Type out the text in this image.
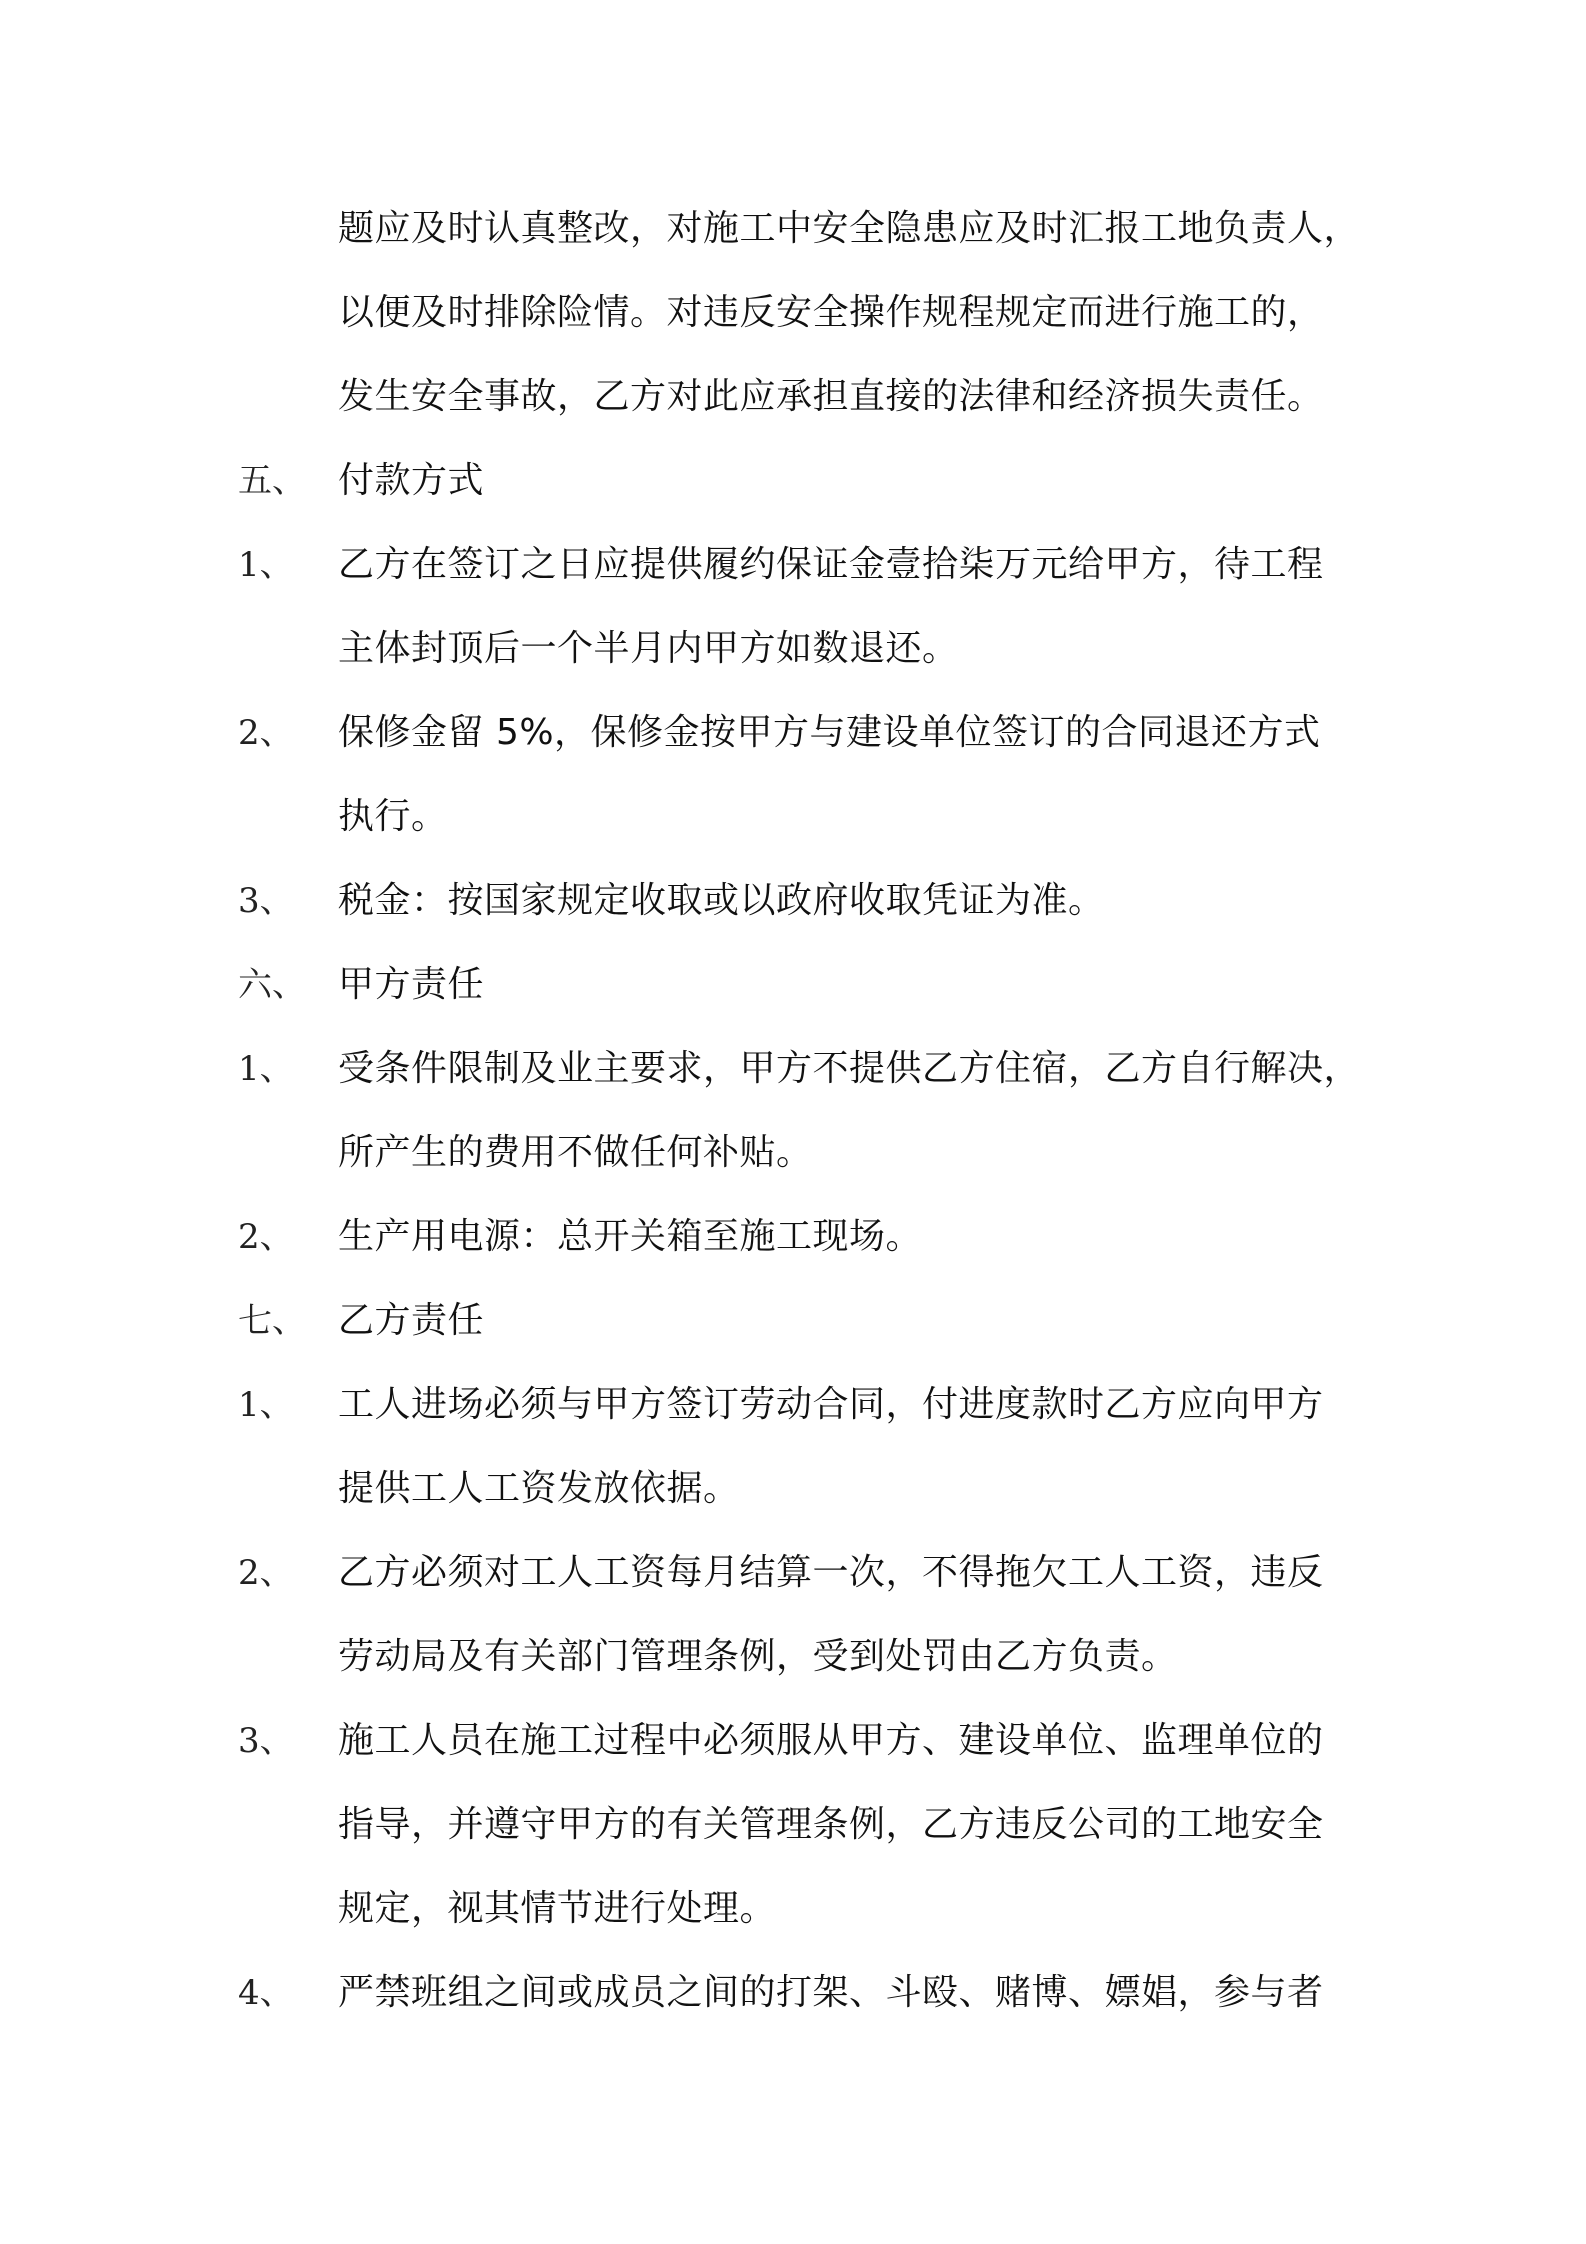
题应及时认真整改，对施工中安全隐患应及时汇报工地负责人，
以便及时排除险情。对违反安全操作规程规定而进行施工的，
发生安全事故，乙方对此应承担直接的法律和经济损失责任。
五、 付款方式
1、 乙方在签订之日应提供履约保证金壹拾柒万元给甲方，待工程
主体封顶后一个半月内甲方如数退还。
2、 保修金留 5%，保修金按甲方与建设单位签订的合同退还方式
执行。
3、 税金：按国家规定收取或以政府收取凭证为准。
六、 甲方责任
1、 受条件限制及业主要求，甲方不提供乙方住宿，乙方自行解决，
所产生的费用不做任何补贴。
2、 生产用电源：总开关箱至施工现场。
七、 乙方责任
1、 工人进场必须与甲方签订劳动合同，付进度款时乙方应向甲方
提供工人工资发放依据。
2、 乙方必须对工人工资每月结算一次，不得拖欠工人工资，违反
劳动局及有关部门管理条例，受到处罚由乙方负责。
3、 施工人员在施工过程中必须服从甲方、建设单位、监理单位的
指导，并遵守甲方的有关管理条例，乙方违反公司的工地安全
规定，视其情节进行处理。
4、 严禁班组之间或成员之间的打架、斗殴、赌博、嫖娼，参与者
